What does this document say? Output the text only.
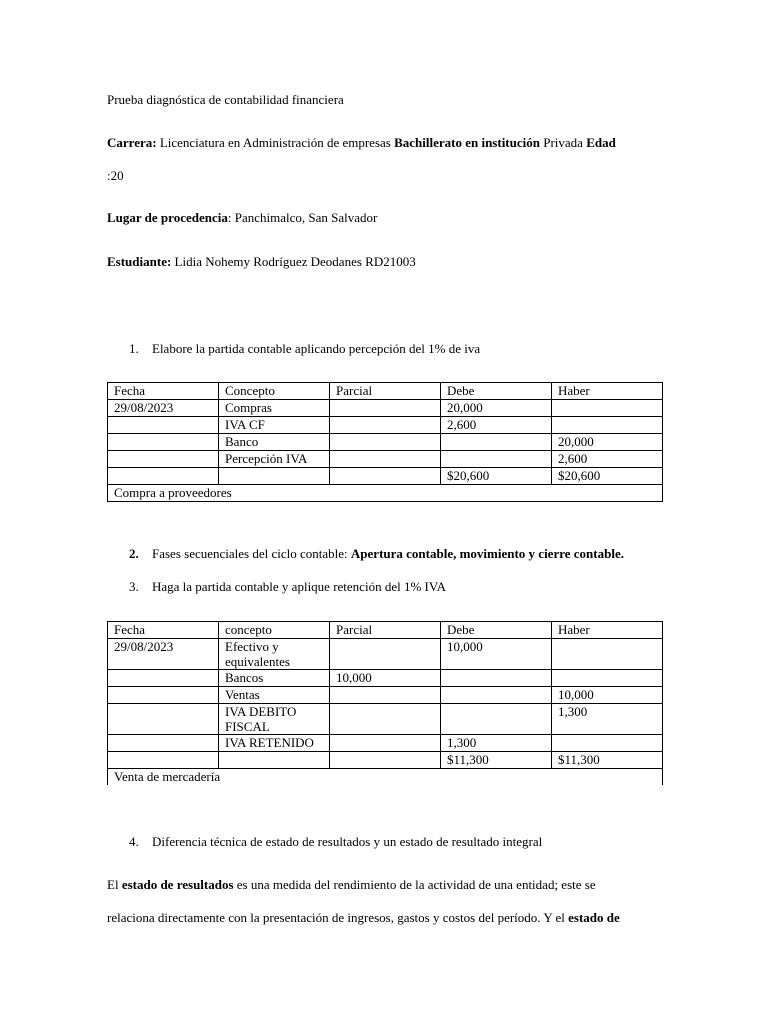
Prueba diagnóstica de contabilidad financiera
Carrera: Licenciatura en Administración de empresas Bachillerato en institución Privada Edad
:20
Lugar de procedencia: Panchimalco, San Salvador
Estudiante: Lidia Nohemy Rodríguez Deodanes RD21003
1. Elabore la partida contable aplicando percepción del 1% de iva
Fecha	Concepto	Parcial	Debe	Haber
29/08/2023	Compras		20,000	
	IVA CF		2,600	
	Banco			20,000
	Percepción IVA			2,600
			$20,600	$20,600
Compra a proveedores				
2. Fases secuenciales del ciclo contable: Apertura contable, movimiento y cierre contable.
3. Haga la partida contable y aplique retención del 1% IVA
Fecha	concepto	Parcial	Debe	Haber
29/08/2023	Efectivo y equivalentes		10,000	
	Bancos	10,000		
	Ventas			10,000
	IVA DEBITO FISCAL			1,300
	IVA RETENIDO		1,300	
			$11,300	$11,300
Venta de mercadería				
4. Diferencia técnica de estado de resultados y un estado de resultado integral
El estado de resultados es una medida del rendimiento de la actividad de una entidad; este se
relaciona directamente con la presentación de ingresos, gastos y costos del período. Y el estado de
